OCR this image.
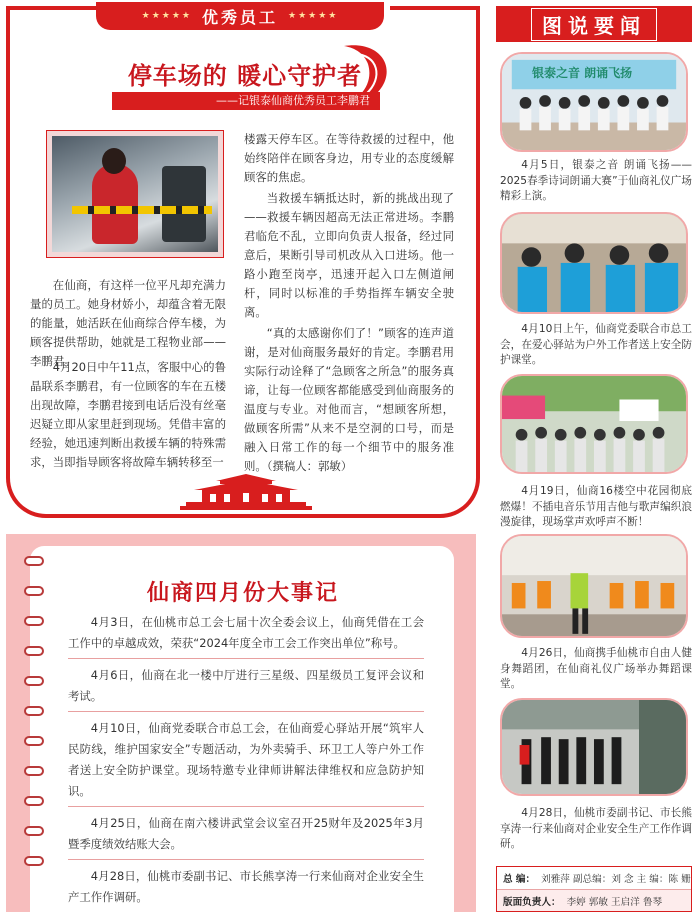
★★★★★ 优秀员工 ★★★★★
停车场的 暖心守护者
——记银泰仙商优秀员工李鹏君

在仙商，有这样一位平凡却充满力量的员工。她身材娇小，却蕴含着无限的能量，她活跃在仙商综合停车楼，为顾客提供帮助，她就是工程物业部——李鹏君。

4月20日中午11点，客服中心的鲁晶联系李鹏君，有一位顾客的车在五楼出现故障，李鹏君接到电话后没有丝毫迟疑立即从家里赶到现场。凭借丰富的经验，她迅速判断出救援车辆的特殊需求，当即指导顾客将故障车辆转移至一

楼露天停车区。在等待救援的过程中，他始终陪伴在顾客身边，用专业的态度缓解顾客的焦虑。

当救援车辆抵达时，新的挑战出现了——救援车辆因超高无法正常进场。李鹏君临危不乱，立即向负责人报备，经过同意后，果断引导司机改从入口进场。他一路小跑至岗亭，迅速开起入口左侧道闸杆，同时以标准的手势指挥车辆安全驶离。

“真的太感谢你们了！”顾客的连声道谢，是对仙商服务最好的肯定。李鹏君用实际行动诠释了“急顾客之所急”的服务真谛，让每一位顾客都能感受到仙商服务的温度与专业。对他而言，“想顾客所想，做顾客所需”从来不是空洞的口号，而是融入日常工作的每一个细节中的服务准则。（撰稿人：郭敏）

仙商四月份大事记
4月3日，在仙桃市总工会七届十次全委会议上，仙商凭借在工会工作中的卓越成效，荣获“2024年度全市工会工作突出单位”称号。
4月6日，仙商在北一楼中厅进行三星级、四星级员工复评会议和考试。
4月10日，仙商党委联合市总工会，在仙商爱心驿站开展“筑牢人民防线，维护国家安全”专题活动，为外卖骑手、环卫工人等户外工作者送上安全防护课堂。现场特邀专业律师讲解法律维权和应急防护知识。
4月25日，仙商在南六楼讲武堂会议室召开25财年及2025年3月暨季度绩效结账大会。
4月28日，仙桃市委副书记、市长熊享涛一行来仙商对企业安全生产工作作调研。
图说要闻
银泰之音 朗诵飞扬
4月5日，银泰之音 朗诵飞扬——2025春季诗词朗诵大赛”于仙商礼仪广场精彩上演。
4月10日上午，仙商党委联合市总工会，在爱心驿站为户外工作者送上安全防护课堂。
4月19日，仙商16楼空中花园彻底燃爆！不插电音乐节用吉他与歌声编织浪漫旋律，现场掌声欢呼声不断！
4月26日，仙商携手仙桃市自由人健身舞蹈团，在仙商礼仪广场举办舞蹈课堂。
4月28日，仙桃市委副书记、市长熊享涛一行来仙商对企业安全生产工作作调研。
总 编： 刘雅萍 副总编：刘 念 主 编：陈 姗
版面负责人： 李婷 郭敏 王启洋 鲁琴
